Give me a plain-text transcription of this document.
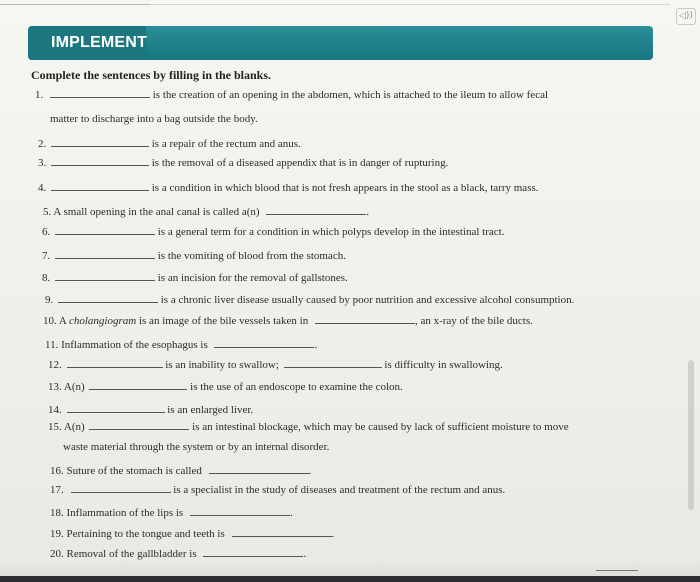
◁))
IMPLEMENT
Complete the sentences by filling in the blanks.
1.	is the creation of an opening in the abdomen, which is attached to the ileum to allow fecal
matter to discharge into a bag outside the body.
2.	is a repair of the rectum and anus.
3.	is the removal of a diseased appendix that is in danger of rupturing.
4.	is a condition in which blood that is not fresh appears in the stool as a black, tarry mass.
5. A small opening in the anal canal is called a(n)	.
6.	is a general term for a condition in which polyps develop in the intestinal tract.
7.	is the vomiting of blood from the stomach.
8.	is an incision for the removal of gallstones.
9.	is a chronic liver disease usually caused by poor nutrition and excessive alcohol consumption.
10. A cholangiogram is an image of the bile vessels taken in	, an x-ray of the bile ducts.
11. Inflammation of the esophagus is	.
12.	is an inability to swallow;	is difficulty in swallowing.
13. A(n)	is the use of an endoscope to examine the colon.
14.	is an enlarged liver.
15. A(n)	is an intestinal blockage, which may be caused by lack of sufficient moisture to move
waste material through the system or by an internal disorder.
16. Suture of the stomach is called	.
17.	is a specialist in the study of diseases and treatment of the rectum and anus.
18. Inflammation of the lips is	.
19. Pertaining to the tongue and teeth is	.
20. Removal of the gallbladder is	.
